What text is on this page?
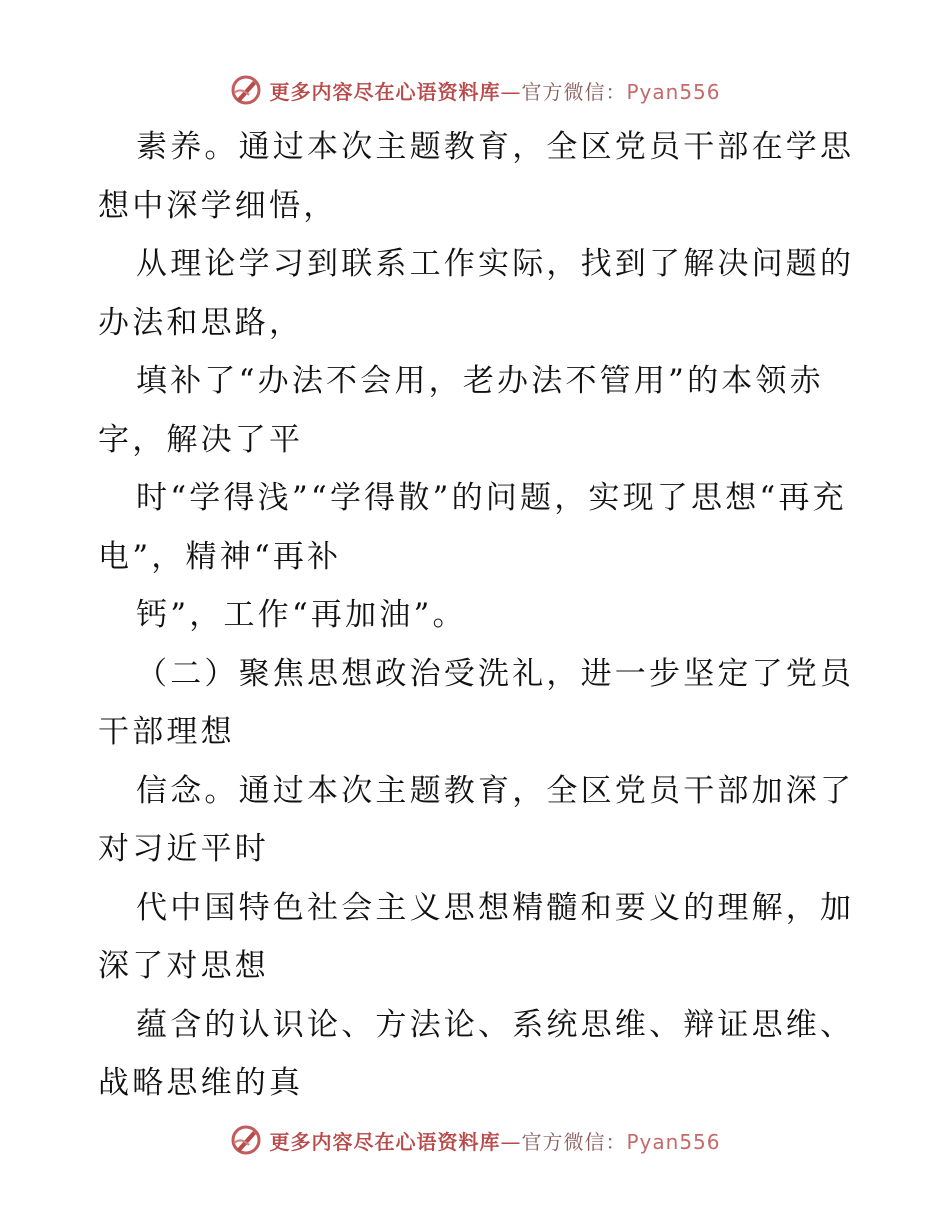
更多内容尽在心语资料库—官方微信：Pyan556

素养。通过本次主题教育，全区党员干部在学思想中深学细悟，

从理论学习到联系工作实际，找到了解决问题的办法和思路，

填补了“办法不会用，老办法不管用”的本领赤字，解决了平

时“学得浅”“学得散”的问题，实现了思想“再充电”，精神“再补

钙”，工作“再加油”。

（二）聚焦思想政治受洗礼，进一步坚定了党员干部理想

信念。通过本次主题教育，全区党员干部加深了对习近平时

代中国特色社会主义思想精髓和要义的理解，加深了对思想

蕴含的认识论、方法论、系统思维、辩证思维、战略思维的真

更多内容尽在心语资料库—官方微信：Pyan556
